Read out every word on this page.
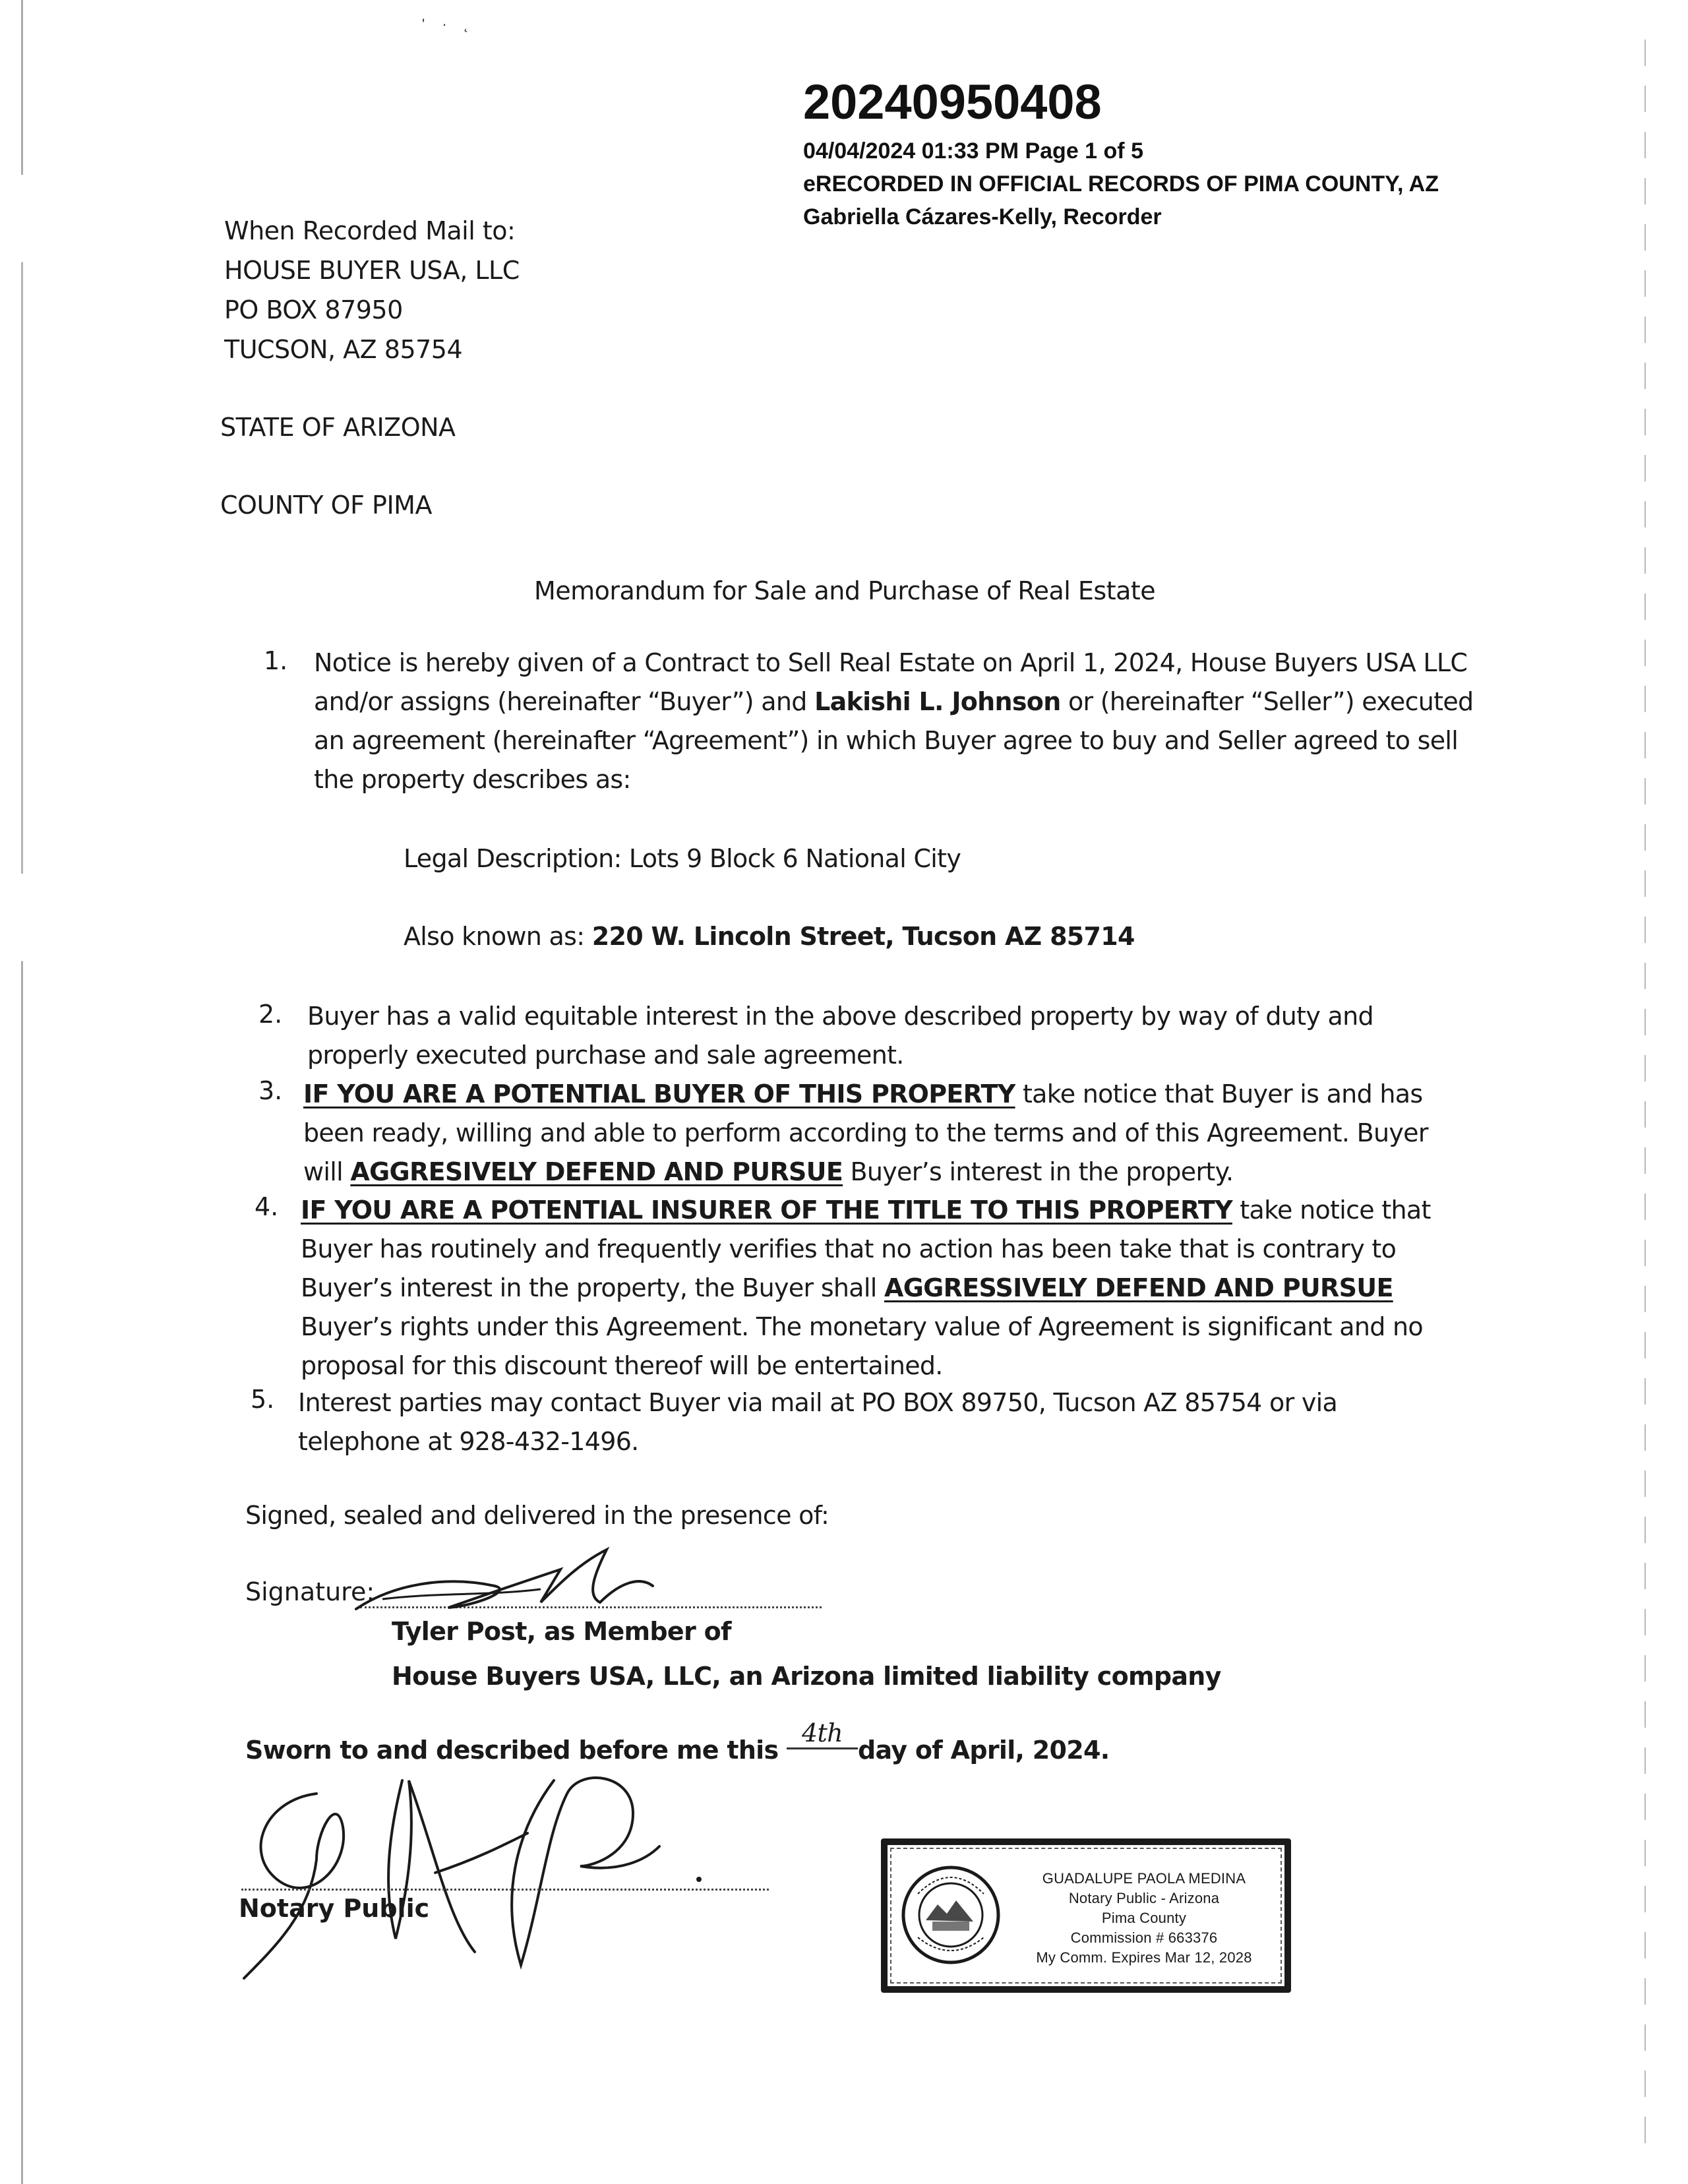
' · ˛
20240950408
04/04/2024 01:33 PM Page 1 of 5
eRECORDED IN OFFICIAL RECORDS OF PIMA COUNTY, AZ
Gabriella Cázares-Kelly, Recorder
When Recorded Mail to:
HOUSE BUYER USA, LLC
PO BOX 87950
TUCSON, AZ 85754
STATE OF ARIZONA
COUNTY OF PIMA
Memorandum for Sale and Purchase of Real Estate
1. Notice is hereby given of a Contract to Sell Real Estate on April 1, 2024, House Buyers USA LLC and/or assigns (hereinafter “Buyer”) and Lakishi L. Johnson or (hereinafter “Seller”) executed an agreement (hereinafter “Agreement”) in which Buyer agree to buy and Seller agreed to sell the property describes as:
Legal Description: Lots 9 Block 6 National City
Also known as: 220 W. Lincoln Street, Tucson AZ 85714
2. Buyer has a valid equitable interest in the above described property by way of duty and properly executed purchase and sale agreement.
3. IF YOU ARE A POTENTIAL BUYER OF THIS PROPERTY take notice that Buyer is and has been ready, willing and able to perform according to the terms and of this Agreement. Buyer will AGGRESIVELY DEFEND AND PURSUE Buyer’s interest in the property.
4. IF YOU ARE A POTENTIAL INSURER OF THE TITLE TO THIS PROPERTY take notice that Buyer has routinely and frequently verifies that no action has been take that is contrary to Buyer’s interest in the property, the Buyer shall AGGRESSIVELY DEFEND AND PURSUE Buyer’s rights under this Agreement. The monetary value of Agreement is significant and no proposal for this discount thereof will be entertained.
5. Interest parties may contact Buyer via mail at PO BOX 89750, Tucson AZ 85754 or via telephone at 928-432-1496.
Signed, sealed and delivered in the presence of:
Signature:
Tyler Post, as Member of
House Buyers USA, LLC, an Arizona limited liability company
Sworn to and described before me this 4thday of April, 2024.
Notary Public
GUADALUPE PAOLA MEDINA
Notary Public - Arizona
Pima County
Commission # 663376
My Comm. Expires Mar 12, 2028
